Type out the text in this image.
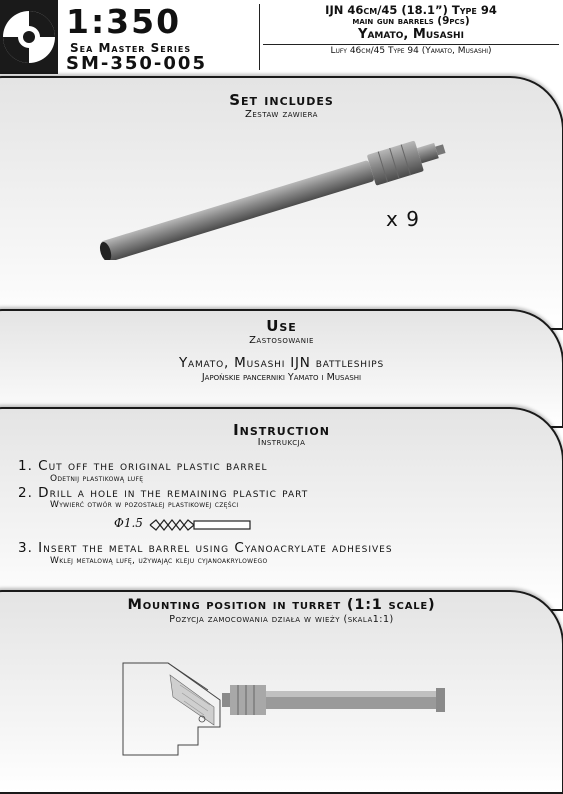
1:350
Sea Master Series
SM-350-005
IJN 46cm/45 (18.1”) Type 94
main gun barrels (9pcs)
Yamato, Musashi
Lufy 46cm/45 Type 94 (Yamato, Musashi)
Set includes
Zestaw zawiera
x 9
Use
Zastosowanie
Yamato, Musashi IJN battleships
Japońskie pancerniki Yamato i Musashi
Instruction
Instrukcja
1. Cut off the original plastic barrel
Odetnij plastikową lufę
2. Drill a hole in the remaining plastic part
Wywierć otwór w pozostałej plastikowej części
Φ1.5
3. Insert the metal barrel using Cyanoacrylate adhesives
Wklej metalową lufę, używając kleju cyjanoakrylowego
Mounting position in turret (1:1 scale)
Pozycja zamocowania działa w wieży (skala1:1)
